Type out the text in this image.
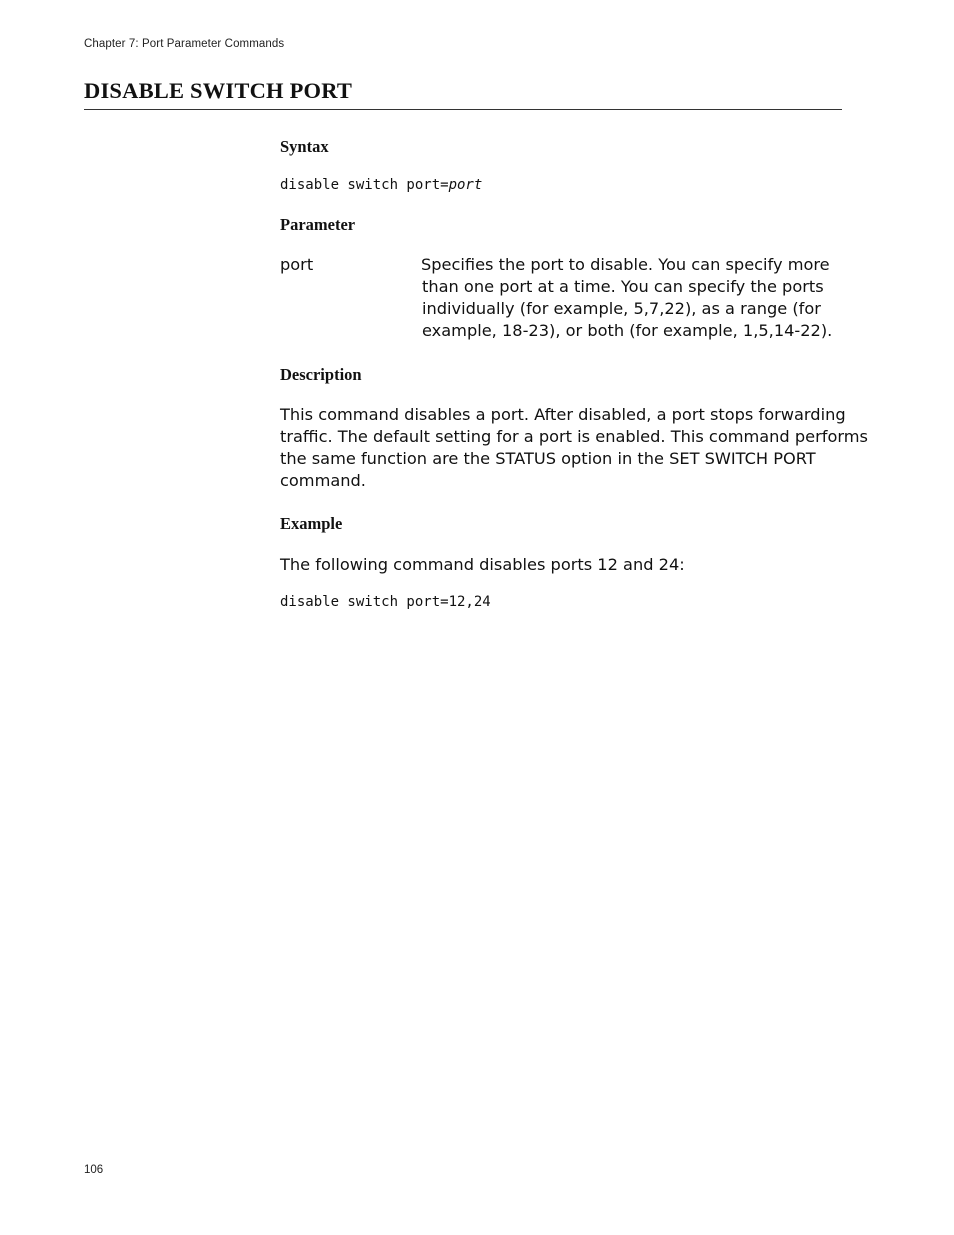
Chapter 7: Port Parameter Commands
DISABLE SWITCH PORT
Syntax
disable switch port=port
Parameter
port	Specifies the port to disable. You can specify more
than one port at a time. You can specify the ports
individually (for example, 5,7,22), as a range (for
example, 18-23), or both (for example, 1,5,14-22).
Description
This command disables a port. After disabled, a port stops forwarding
traffic. The default setting for a port is enabled. This command performs
the same function are the STATUS option in the SET SWITCH PORT
command.
Example

The following command disables ports 12 and 24:

disable switch port=12,24
106
